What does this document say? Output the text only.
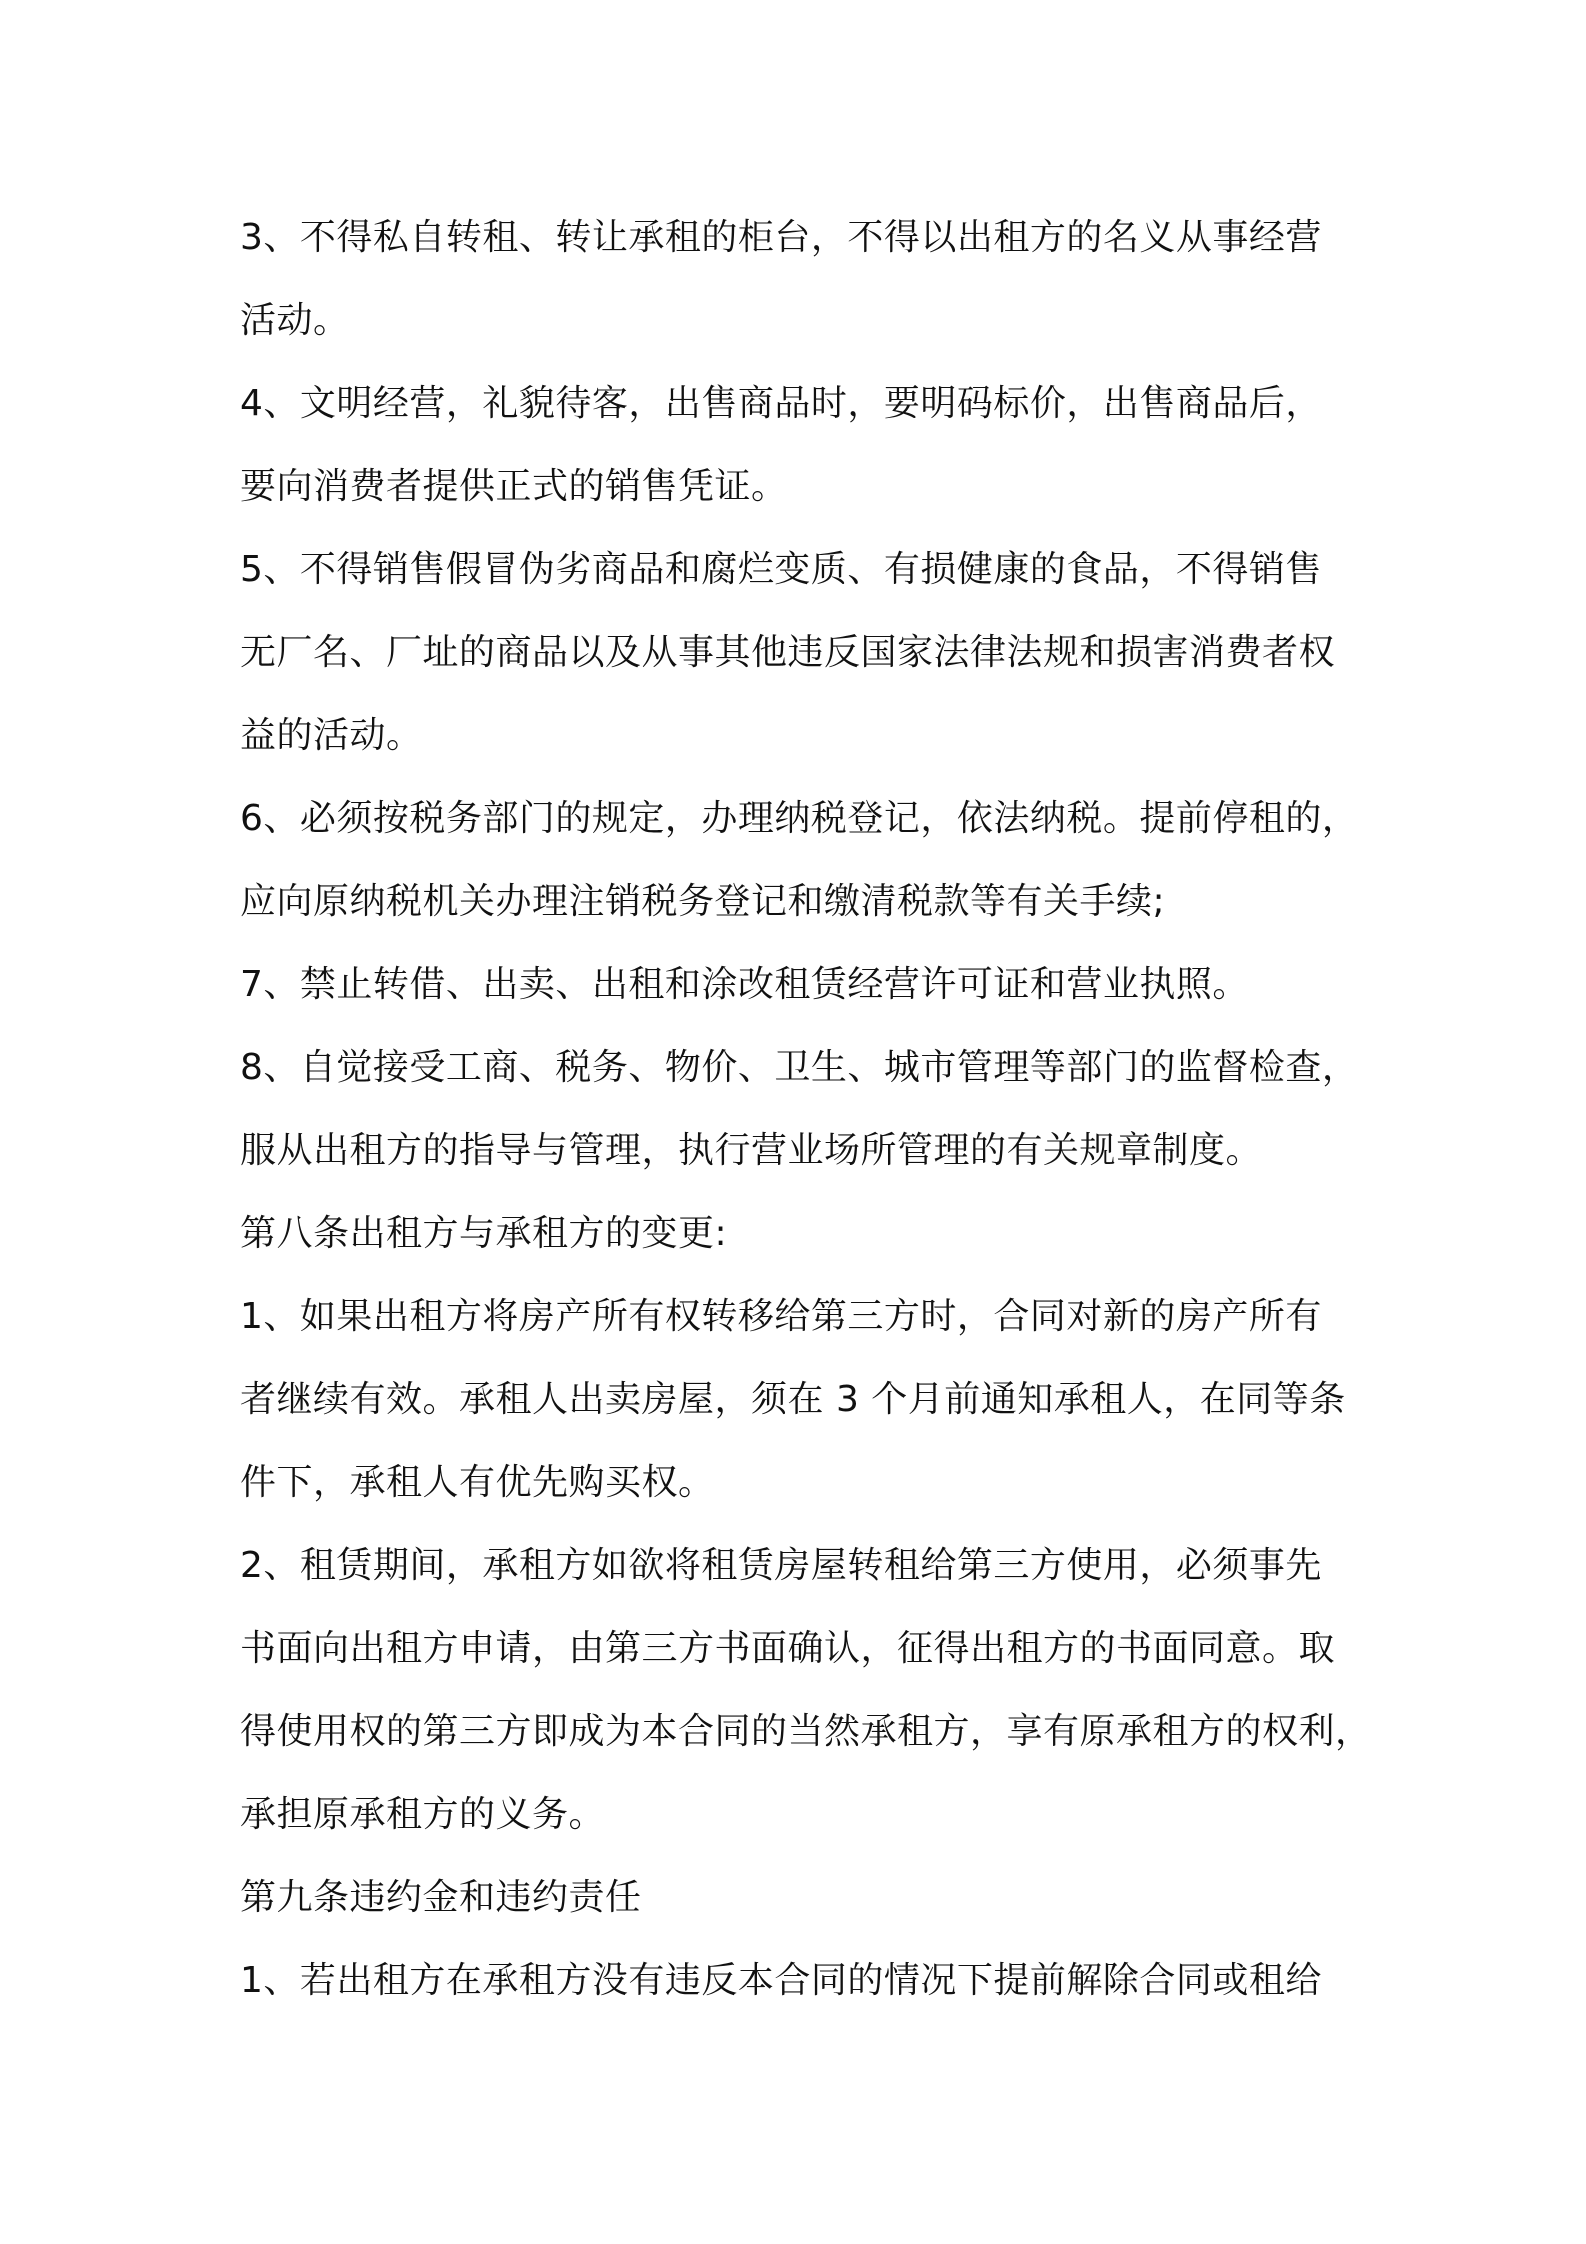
3、不得私自转租、转让承租的柜台，不得以出租方的名义从事经营
活动。
4、文明经营，礼貌待客，出售商品时，要明码标价，出售商品后，
要向消费者提供正式的销售凭证。
5、不得销售假冒伪劣商品和腐烂变质、有损健康的食品，不得销售
无厂名、厂址的商品以及从事其他违反国家法律法规和损害消费者权
益的活动。
6、必须按税务部门的规定，办理纳税登记，依法纳税。提前停租的，
应向原纳税机关办理注销税务登记和缴清税款等有关手续;
7、禁止转借、出卖、出租和涂改租赁经营许可证和营业执照。
8、自觉接受工商、税务、物价、卫生、城市管理等部门的监督检查，
服从出租方的指导与管理，执行营业场所管理的有关规章制度。
第八条出租方与承租方的变更:
1、如果出租方将房产所有权转移给第三方时，合同对新的房产所有
者继续有效。承租人出卖房屋，须在 3 个月前通知承租人，在同等条
件下，承租人有优先购买权。
2、租赁期间，承租方如欲将租赁房屋转租给第三方使用，必须事先
书面向出租方申请，由第三方书面确认，征得出租方的书面同意。取
得使用权的第三方即成为本合同的当然承租方，享有原承租方的权利，
承担原承租方的义务。
第九条违约金和违约责任
1、若出租方在承租方没有违反本合同的情况下提前解除合同或租给
